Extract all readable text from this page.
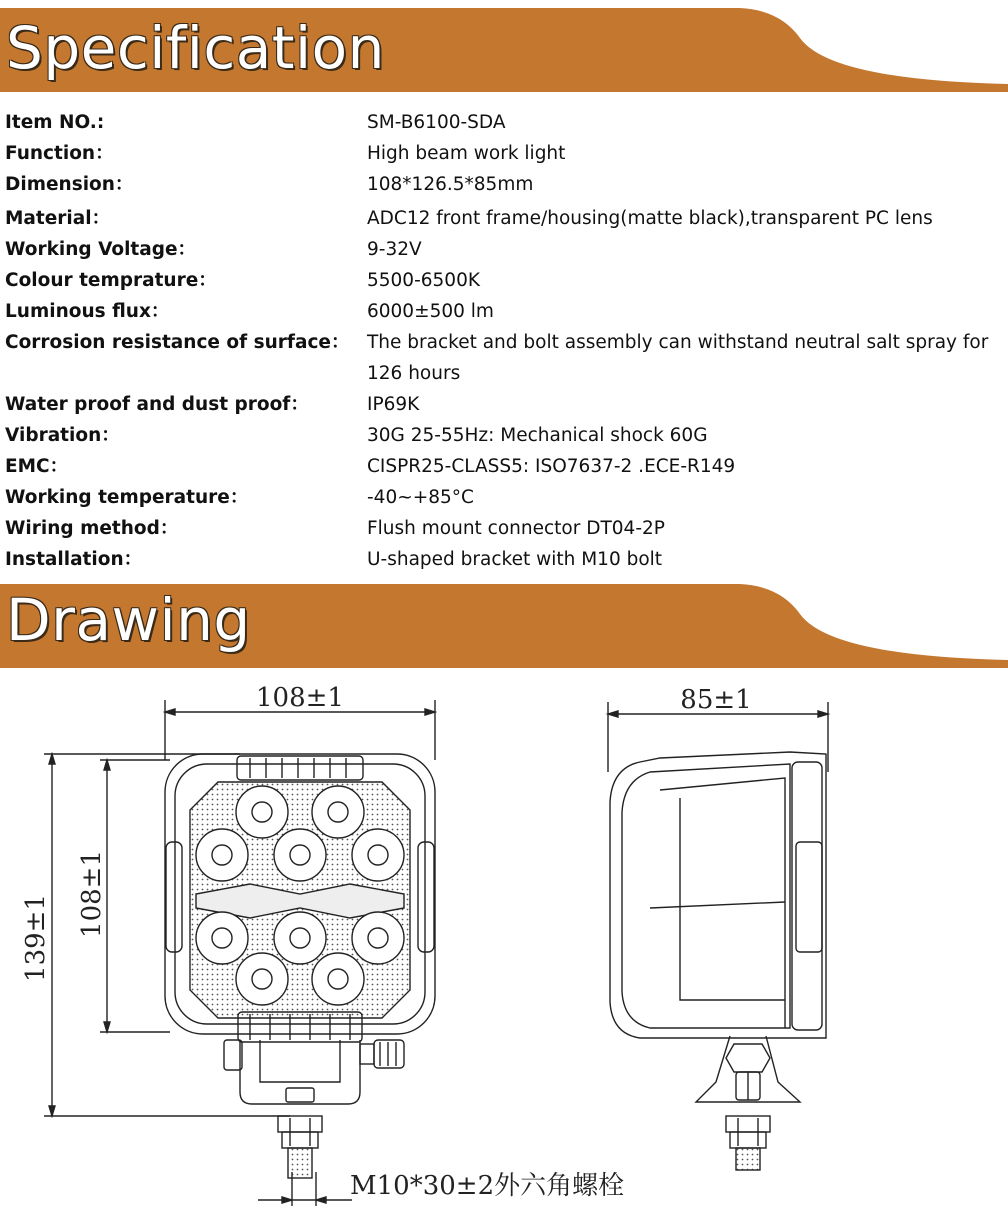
Specification
Item NO.:	SM-B6100-SDA
Function：	High beam work light
Dimension：	108*126.5*85mm
Material：	ADC12 front frame/housing(matte black),transparent PC lens
Working Voltage：	9-32V
Colour temprature：	5500-6500K
Luminous flux：	6000±500 lm
Corrosion resistance of surface： The bracket and bolt assembly can withstand neutral salt spray for 126 hours
Water proof and dust proof：	IP69K
Vibration：	30G 25-55Hz: Mechanical shock 60G
EMC：	CISPR25-CLASS5: ISO7637-2 .ECE-R149
Working temperature：	-40~+85°C
Wiring method：	Flush mount connector DT04-2P
Installation：	U-shaped bracket with M10 bolt
Drawing
108±1	85±1
139±1
108±1
M10*30±2外六角螺栓
